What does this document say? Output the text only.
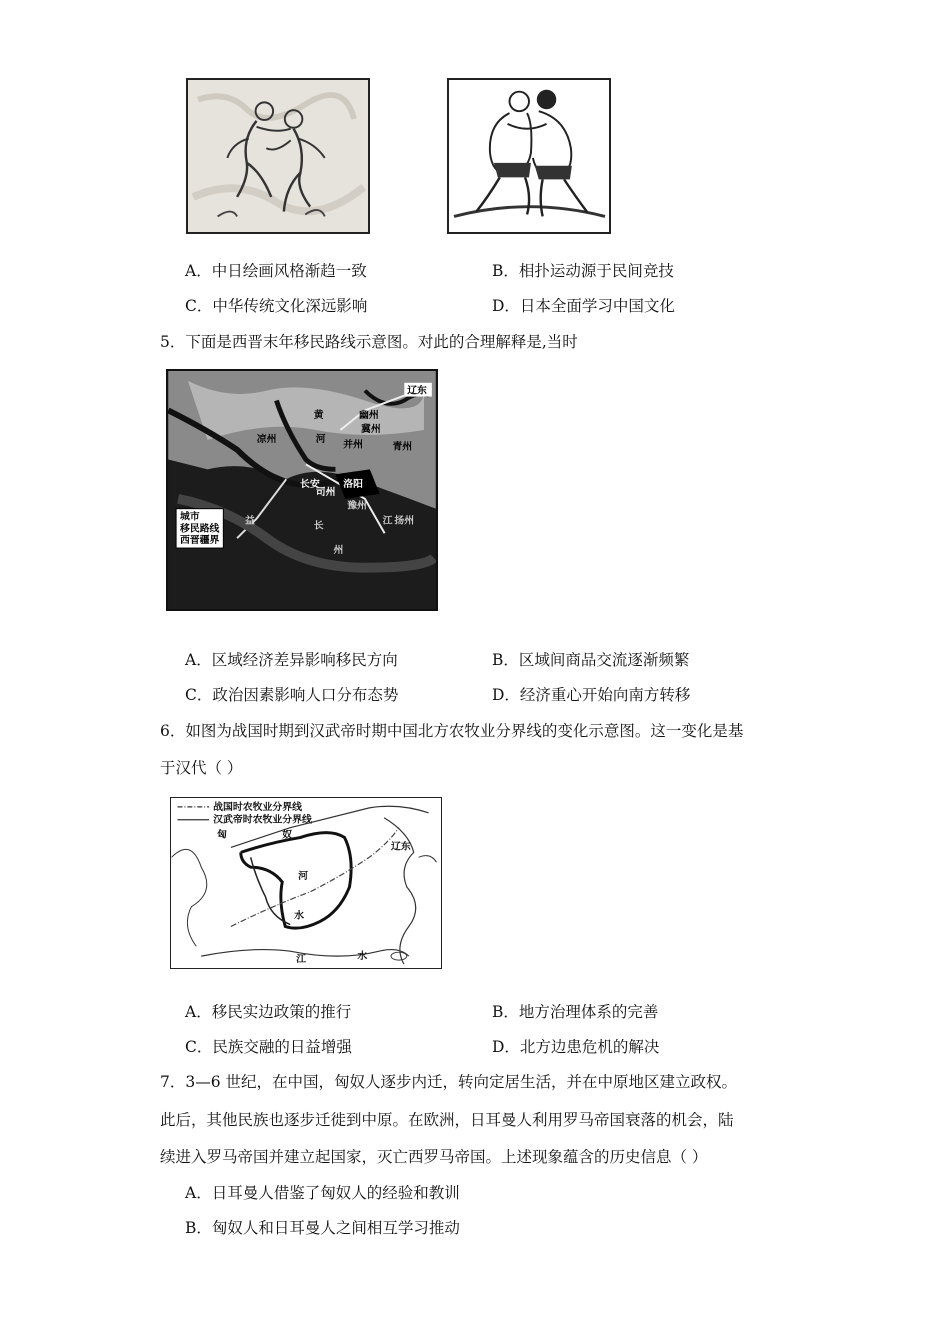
A．中日绘画风格渐趋一致	B．相扑运动源于民间竞技
C．中华传统文化深远影响	D．日本全面学习中国文化
5．下面是西晋末年移民路线示意图。对此的合理解释是,当时
城市
移民路线
西晋疆界
辽东
黄
河
幽州
冀州
并州	青州
凉州
长安
司州
洛阳
豫州
扬州
江
长
州
益
A．区域经济差异影响移民方向	B．区域间商品交流逐渐频繁
C．政治因素影响人口分布态势	D．经济重心开始向南方转移
6．如图为战国时期到汉武帝时期中国北方农牧业分界线的变化示意图。这一变化是基
于汉代（ ）
战国时农牧业分界线
汉武帝时农牧业分界线
匈	奴
辽东
河
水
江	水
A．移民实边政策的推行	B．地方治理体系的完善
C．民族交融的日益增强	D．北方边患危机的解决
7．3—6 世纪，在中国，匈奴人逐步内迁，转向定居生活，并在中原地区建立政权。
此后，其他民族也逐步迁徙到中原。在欧洲，日耳曼人利用罗马帝国衰落的机会，陆
续进入罗马帝国并建立起国家，灭亡西罗马帝国。上述现象蕴含的历史信息（ ）
A．日耳曼人借鉴了匈奴人的经验和教训
B．匈奴人和日耳曼人之间相互学习推动
